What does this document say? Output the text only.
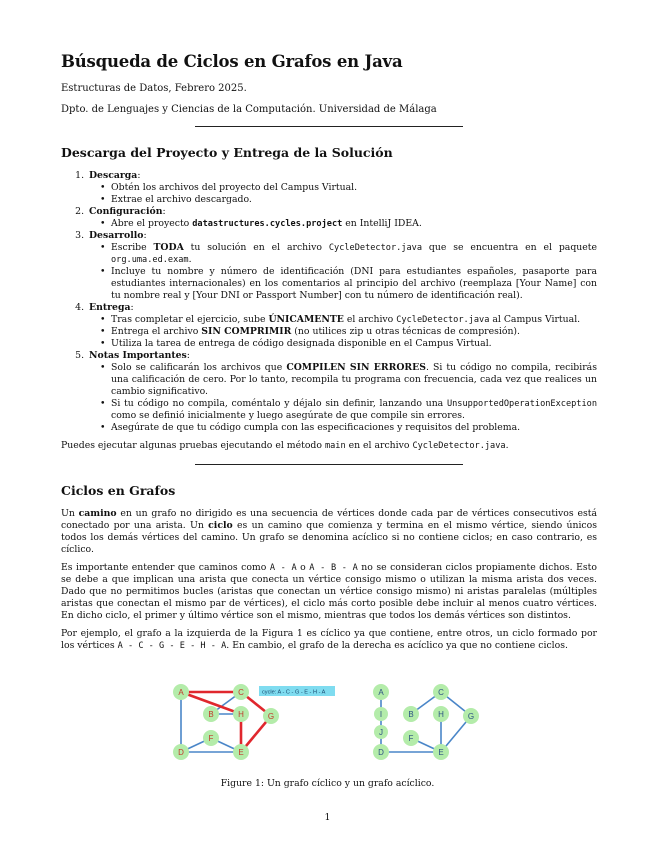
Búsqueda de Ciclos en Grafos en Java
Estructuras de Datos, Febrero 2025.
Dpto. de Lenguajes y Ciencias de la Computación. Universidad de Málaga
Descarga del Proyecto y Entrega de la Solución
1. Descarga:
• Obtén los archivos del proyecto del Campus Virtual.
• Extrae el archivo descargado.
2. Configuración:
• Abre el proyecto datastructures.cycles.project en IntelliJ IDEA.
3. Desarrollo:
• Escribe TODA tu solución en el archivo CycleDetector.java que se encuentra en el paquete org.uma.ed.exam.
• Incluye tu nombre y número de identificación (DNI para estudiantes españoles, pasaporte para estudiantes internacionales) en los comentarios al principio del archivo (reemplaza [Your Name] con tu nombre real y [Your DNI or Passport Number] con tu número de identificación real).
4. Entrega:
• Tras completar el ejercicio, sube ÚNICAMENTE el archivo CycleDetector.java al Campus Virtual.
• Entrega el archivo SIN COMPRIMIR (no utilices zip u otras técnicas de compresión).
• Utiliza la tarea de entrega de código designada disponible en el Campus Virtual.
5. Notas Importantes:
• Solo se calificarán los archivos que COMPILEN SIN ERRORES. Si tu código no compila, recibirás una calificación de cero. Por lo tanto, recompila tu programa con frecuencia, cada vez que realices un cambio significativo.
• Si tu código no compila, coméntalo y déjalo sin definir, lanzando una UnsupportedOperationException como se definió inicialmente y luego asegúrate de que compile sin errores.
• Asegúrate de que tu código cumpla con las especificaciones y requisitos del problema.
Puedes ejecutar algunas pruebas ejecutando el método main en el archivo CycleDetector.java.
Ciclos en Grafos

Un camino en un grafo no dirigido es una secuencia de vértices donde cada par de vértices consecutivos está conectado por una arista. Un ciclo es un camino que comienza y termina en el mismo vértice, siendo únicos todos los demás vértices del camino. Un grafo se denomina acíclico si no contiene ciclos; en caso contrario, es cíclico.

Es importante entender que caminos como A - A o A - B - A no se consideran ciclos propiamente dichos. Esto se debe a que implican una arista que conecta un vértice consigo mismo o utilizan la misma arista dos veces. Dado que no permitimos bucles (aristas que conectan un vértice consigo mismo) ni aristas paralelas (múltiples aristas que conectan el mismo par de vértices), el ciclo más corto posible debe incluir al menos cuatro vértices. En dicho ciclo, el primer y último vértice son el mismo, mientras que todos los demás vértices son distintos.

Por ejemplo, el grafo a la izquierda de la Figura 1 es cíclico ya que contiene, entre otros, un ciclo formado por los vértices A - C - G - E - H - A. En cambio, el grafo de la derecha es acíclico ya que no contiene ciclos.

A	C
B	H	G
F
D	E
cycle: A - C - G - E - H - A	A	C
I	B	H	G
J
F
D	E
Figure 1: Un grafo cíclico y un grafo acíclico.
1
